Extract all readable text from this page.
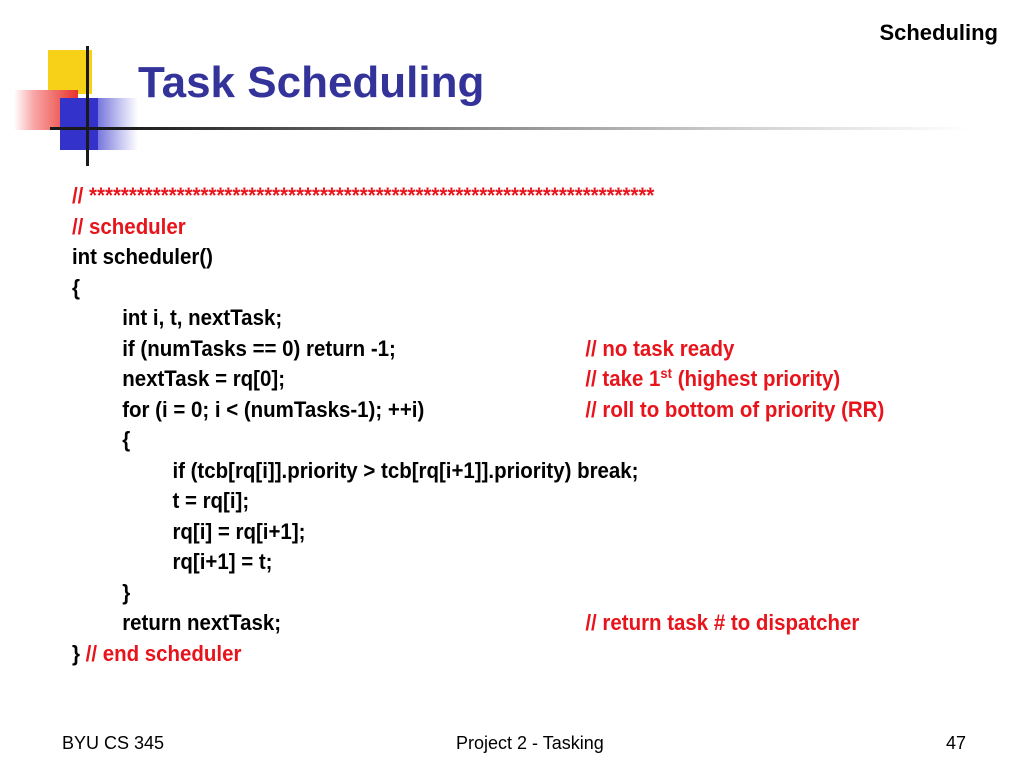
Scheduling
Task Scheduling

// ***********************************************************************

// scheduler

int scheduler()

{

int i, t, nextTask;

if (numTasks == 0) return -1;

	// no task ready

nextTask = rq[0];

	// take 1st (highest priority)

for (i = 0; i < (numTasks-1); ++i)

	// roll to bottom of priority (RR)

{

if (tcb[rq[i]].priority > tcb[rq[i+1]].priority) break;

t = rq[i];

rq[i] = rq[i+1];

rq[i+1] = t;

}

return nextTask;

	// return task # to dispatcher

} // end scheduler

BYU CS 345	Project 2 - Tasking	47
